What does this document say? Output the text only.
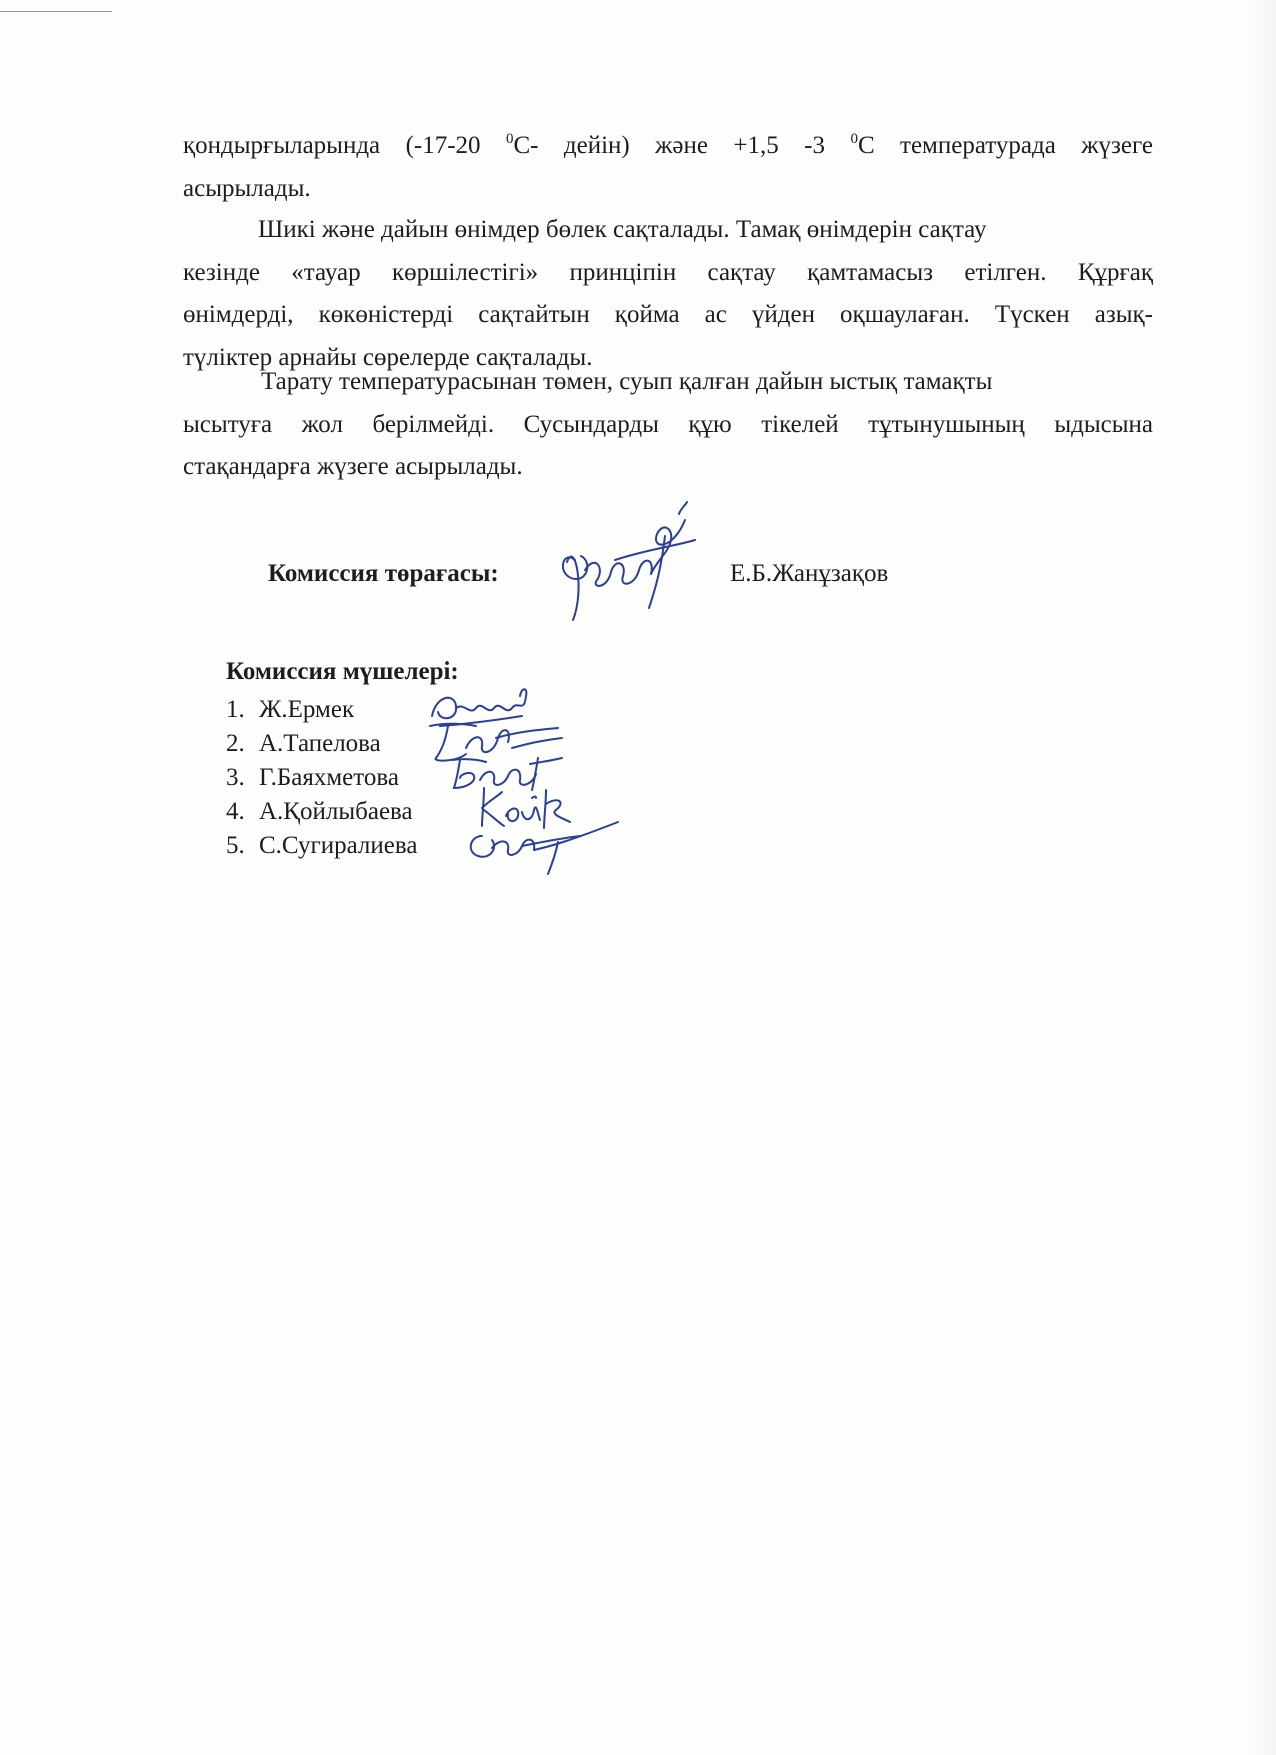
қондырғыларында (-17-20 $^0$С- дейін) және +1,5 -3 $^0$С температурада жүзеге
асырылады.
Шикі және дайын өнімдер бөлек сақталады. Тамақ өнімдерін сақтау
кезінде «тауар көршілестігі» принціпін сақтау қамтамасыз етілген. Құрғақ
өнімдерді, көкөністерді сақтайтын қойма ас үйден оқшаулаған. Түскен азық-
түліктер арнайы сөрелерде сақталады.
Тарату температурасынан төмен, суып қалған дайын ыстық тамақты
ысытуға жол берілмейді. Сусындарды құю тікелей тұтынушының ыдысына
стақандарға жүзеге асырылады.
Комиссия төрағасы:	Е.Б.Жанұзақов
Комиссия мүшелері:
1. Ж.Ермек
2. А.Тапелова
3. Г.Баяхметова
4. А.Қойлыбаева
5. С.Сугиралиева
